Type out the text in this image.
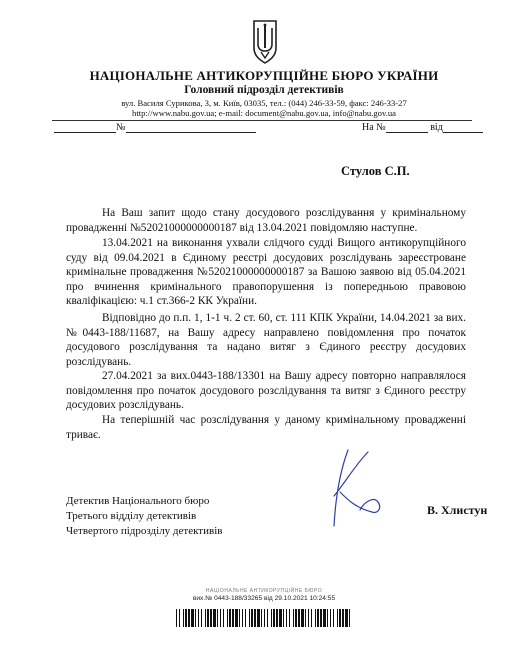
НАЦІОНАЛЬНЕ АНТИКОРУПЦІЙНЕ БЮРО УКРАЇНИ
Головний підрозділ детективів
вул. Василя Сурикова, 3, м. Київ, 03035, тел.: (044) 246-33-59, факс: 246-33-27
http://www.nabu.gov.ua; e-mail: document@nabu.gov.ua, info@nabu.gov.ua
№	На №	від
Стулов С.П.

На Ваш запит щодо стану досудового розслідування у кримінальному провадженні №52021000000000187 від 13.04.2021 повідомляю наступне.

13.04.2021 на виконання ухвали слідчого судді Вищого антикорупційного суду від 09.04.2021 в Єдиному реєстрі досудових розслідувань зареєстроване кримінальне провадження №52021000000000187 за Вашою заявою від 05.04.2021 про вчинення кримінального правопорушення із попередньою правовою кваліфікацією: ч.1 ст.366-2 КК України.

Відповідно до п.п. 1, 1-1 ч. 2 ст. 60, ст. 111 КПК України, 14.04.2021 за вих.№0443-188/11687, на Вашу адресу направлено повідомлення про початок досудового розслідування та надано витяг з Єдиного реєстру досудових розслідувань.

27.04.2021 за вих.0443-188/13301 на Вашу адресу повторно направлялося повідомлення про початок досудового розслідування та витяг з Єдиного реєстру досудових розслідувань.

На теперішній час розслідування у даному кримінальному провадженні триває.

Детектив Національного бюро
Третього відділу детективів
Четвертого підрозділу детективів
В. Хлистун
НАЦІОНАЛЬНЕ АНТИКОРУПЦІЙНЕ БЮРО
вих.№ 0443-188/33265 від 29.10.2021 10:24:55
